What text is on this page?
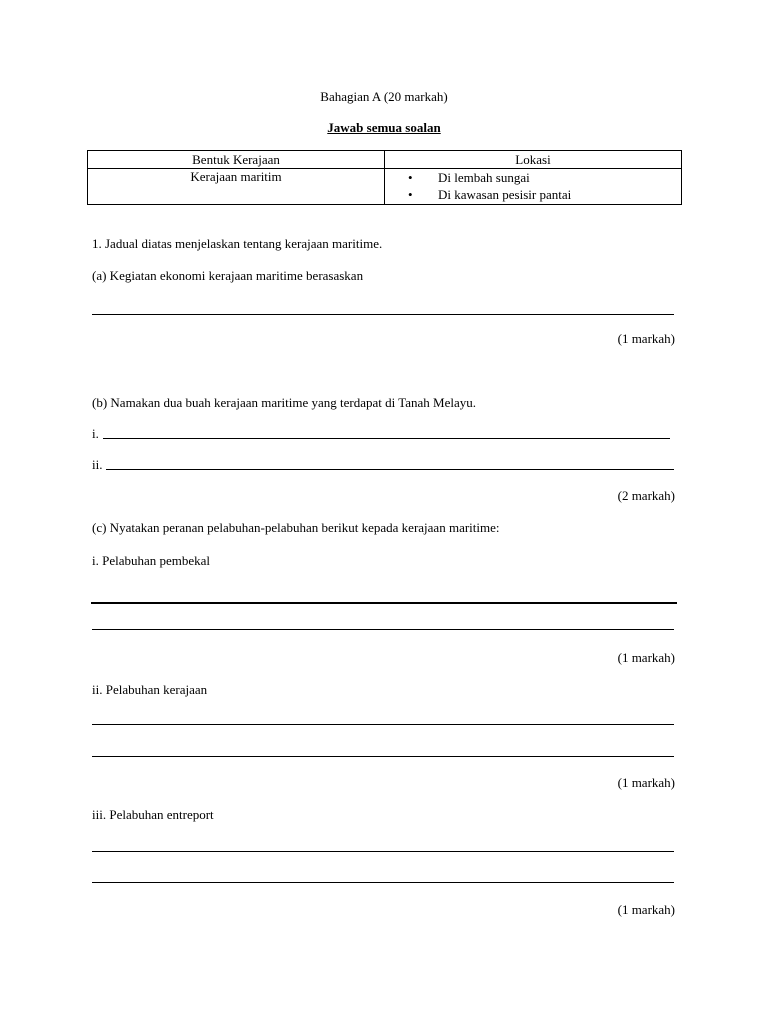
Bahagian A (20 markah)
Jawab semua soalan
Bentuk Kerajaan	Lokasi
Kerajaan maritim	• Di lembah sungai
• Di kawasan pesisir pantai
1. Jadual diatas menjelaskan tentang kerajaan maritime.
(a) Kegiatan ekonomi kerajaan maritime berasaskan
(1 markah)
(b) Namakan dua buah kerajaan maritime yang terdapat di Tanah Melayu.
i.
ii.
(2 markah)
(c) Nyatakan peranan pelabuhan-pelabuhan berikut kepada kerajaan maritime:
i. Pelabuhan pembekal
(1 markah)
ii. Pelabuhan kerajaan
(1 markah)
iii. Pelabuhan entreport
(1 markah)
